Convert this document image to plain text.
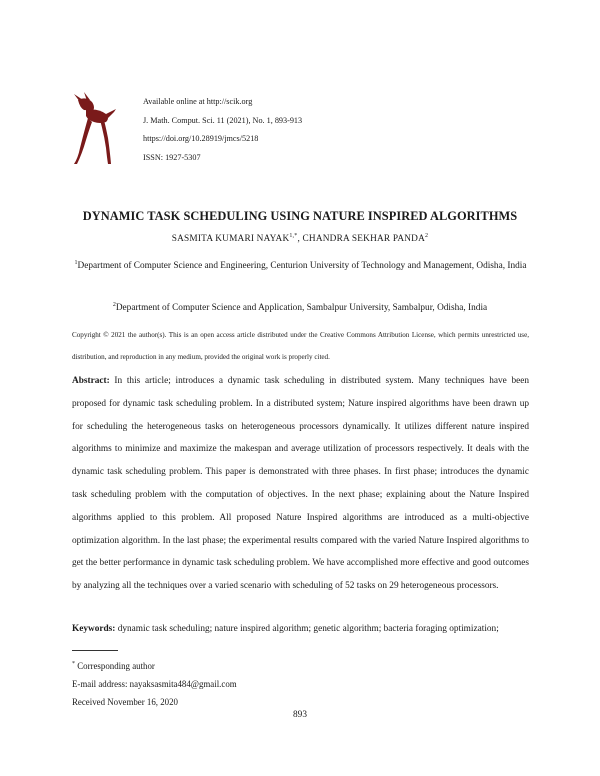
Available online at http://scik.org
J. Math. Comput. Sci. 11 (2021), No. 1, 893-913
https://doi.org/10.28919/jmcs/5218
ISSN: 1927-5307
DYNAMIC TASK SCHEDULING USING NATURE INSPIRED ALGORITHMS
SASMITA KUMARI $NAYAK^{1,*}$, CHANDRA SEKHAR PANDA$^2$
$^1$Department of Computer Science and Engineering, Centurion University of Technology and Management, Odisha, India
$^2$Department of Computer Science and Application, Sambalpur University, Sambalpur, Odisha, India
Copyright © 2021 the author(s). This is an open access article distributed under the Creative Commons Attribution License, which permits unrestricted use, distribution, and reproduction in any medium, provided the original work is properly cited.
Abstract: In this article; introduces a dynamic task scheduling in distributed system. Many techniques have been proposed for dynamic task scheduling problem. In a distributed system; Nature inspired algorithms have been drawn up for scheduling the heterogeneous tasks on heterogeneous processors dynamically. It utilizes different nature inspired algorithms to minimize and maximize the makespan and average utilization of processors respectively. It deals with the dynamic task scheduling problem. This paper is demonstrated with three phases. In first phase; introduces the dynamic task scheduling problem with the computation of objectives. In the next phase; explaining about the Nature Inspired algorithms applied to this problem. All proposed Nature Inspired algorithms are introduced as a multi-objective optimization algorithm. In the last phase; the experimental results compared with the varied Nature Inspired algorithms to get the better performance in dynamic task scheduling problem. We have accomplished more effective and good outcomes by analyzing all the techniques over a varied scenario with scheduling of 52 tasks on 29 heterogeneous processors.
Keywords: dynamic task scheduling; nature inspired algorithm; genetic algorithm; bacteria foraging optimization;
* Corresponding author
E-mail address: nayaksasmita484@gmail.com
Received November 16, 2020
893
